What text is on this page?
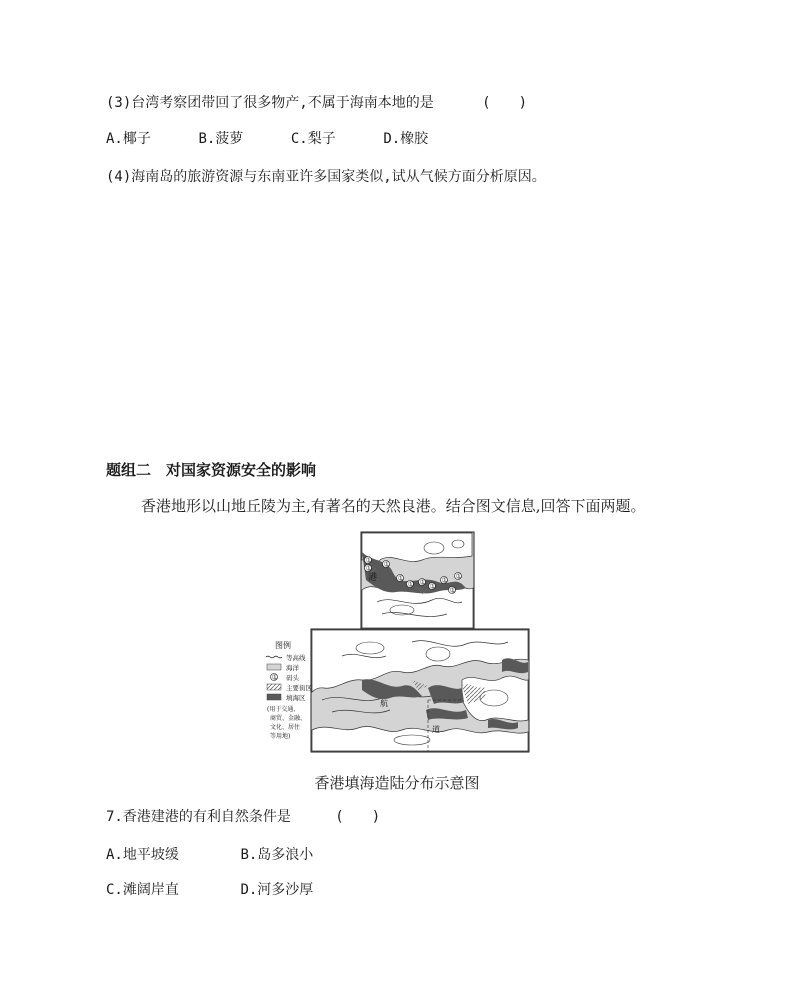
(3)台湾考察团带回了很多物产,不属于海南本地的是	(　　)
A.椰子	B.菠萝	C.梨子	D.橡胶
(4)海南岛的旅游资源与东南亚许多国家类似,试从气候方面分析原因。
题组二　对国家资源安全的影响
香港地形以山地丘陵为主,有著名的天然良港。结合图文信息,回答下面两题。
港
①
① ①
①
① ① ①
①
①
①
航
道
图例
等高线
海洋
① 码头
主要街区
填海区
(用于交通、
商贸、金融、
文化、居住
等用地)
香港填海造陆分布示意图
7.香港建港的有利自然条件是	(　　)
A.地平坡缓	B.岛多浪小
C.滩阔岸直	D.河多沙厚
